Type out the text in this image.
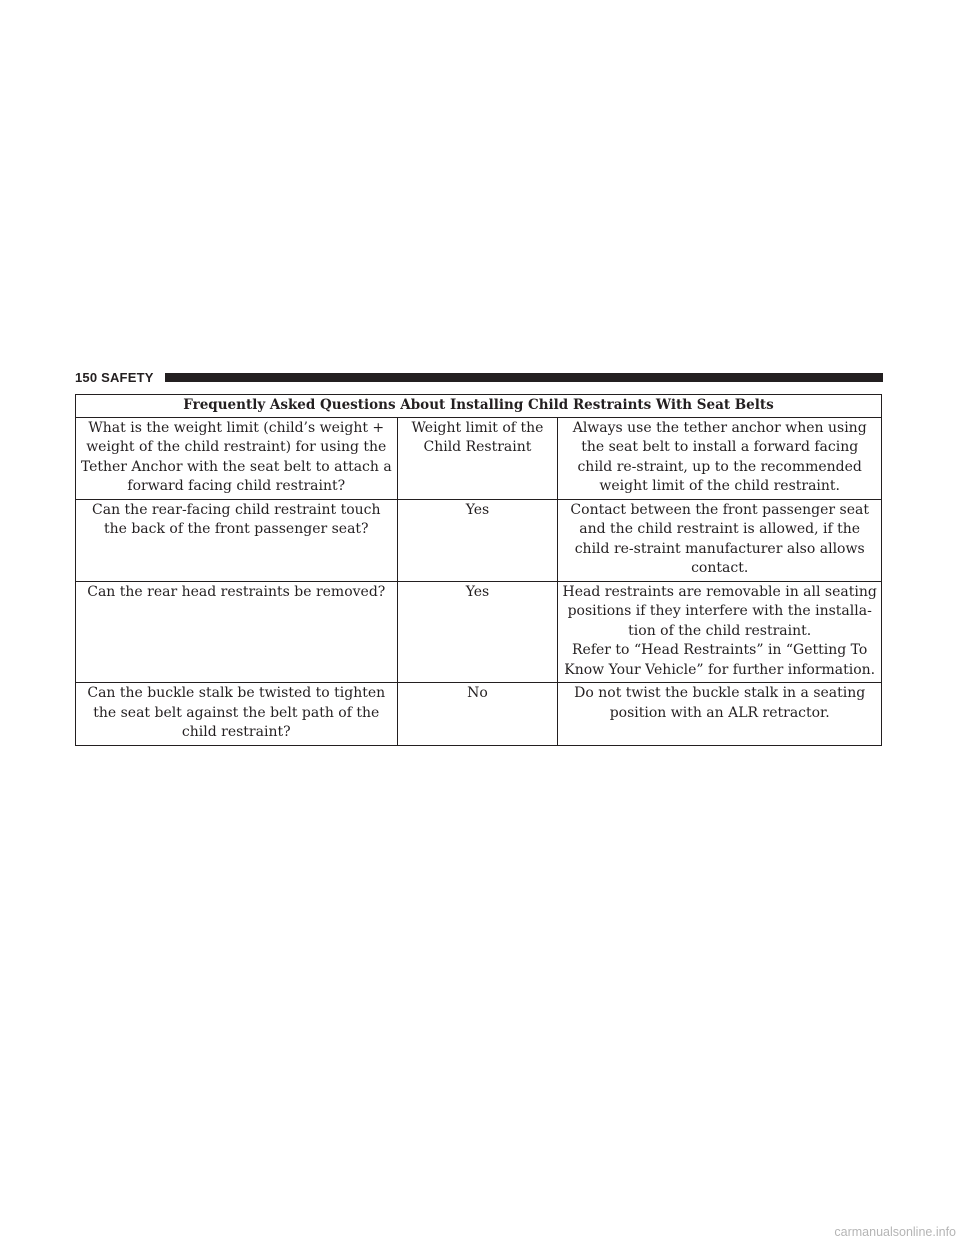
150 SAFETY
Frequently Asked Questions About Installing Child Restraints With Seat Belts		
What is the weight limit (child’s weight + weight of the child restraint) for using the Tether Anchor with the seat belt to attach a forward facing child restraint?	Weight limit of the Child Restraint	Always use the tether anchor when using the seat belt to install a forward facing child re-straint, up to the recommended weight limit of the child restraint.

Can the rear-facing child restraint touch the back of the front passenger seat?	Yes	Contact between the front passenger seat and the child restraint is allowed, if the child re-straint manufacturer also allows contact.

Can the rear head restraints be removed?	Yes	Head restraints are removable in all seating positions if they interfere with the installa-tion of the child restraint.
Refer to “Head Restraints” in “Getting To Know Your Vehicle” for further information.

Can the buckle stalk be twisted to tighten the seat belt against the belt path of the child restraint?	No	Do not twist the buckle stalk in a seating position with an ALR retractor.
carmanualsonline.info
